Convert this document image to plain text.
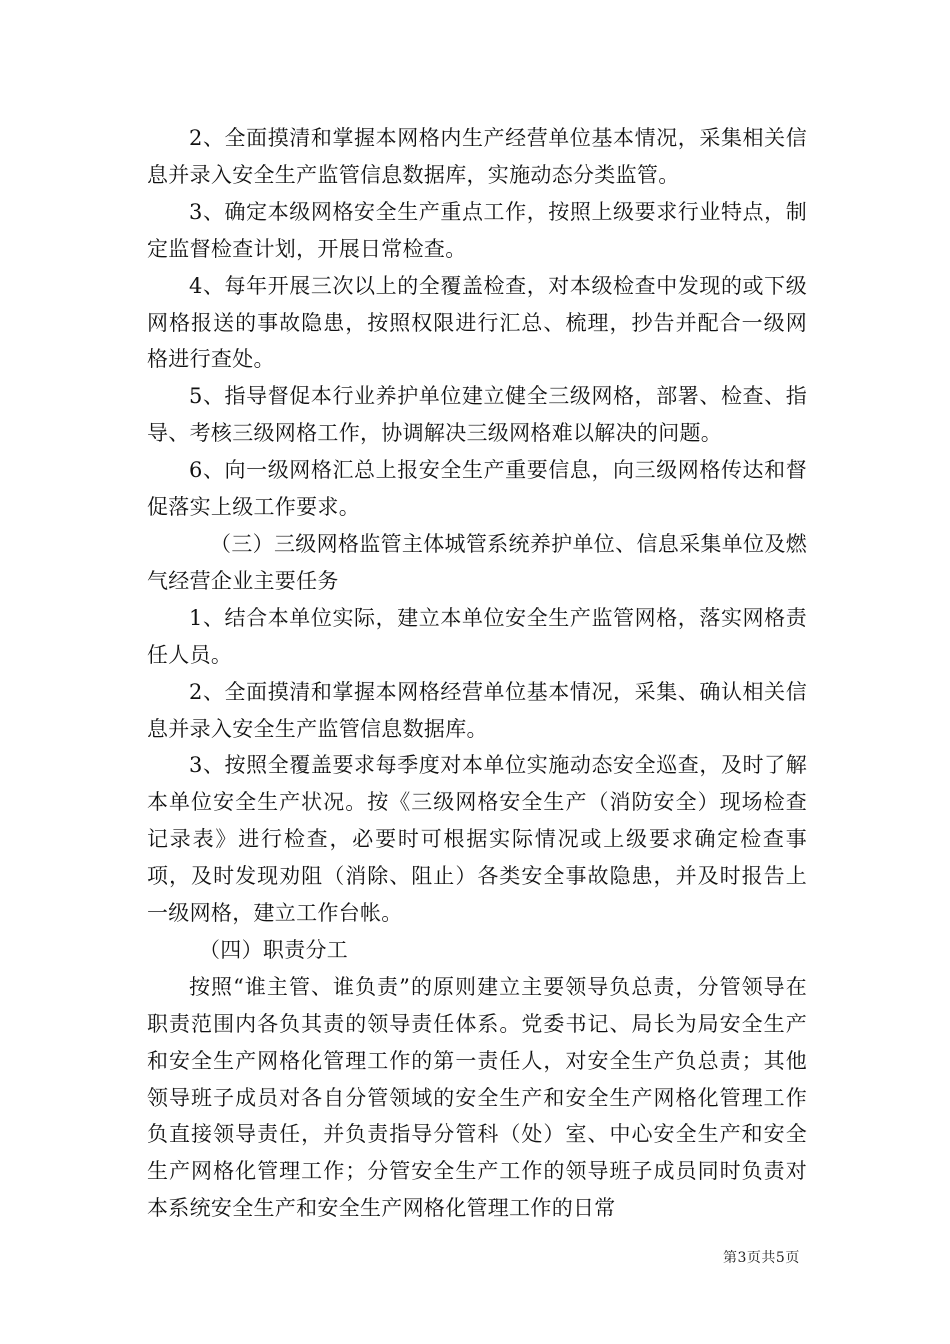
2、全面摸清和掌握本网格内生产经营单位基本情况，采集相关信息并录入安全生产监管信息数据库，实施动态分类监管。

3、确定本级网格安全生产重点工作，按照上级要求行业特点，制定监督检查计划，开展日常检查。

4、每年开展三次以上的全覆盖检查，对本级检查中发现的或下级网格报送的事故隐患，按照权限进行汇总、梳理，抄告并配合一级网格进行查处。

5、指导督促本行业养护单位建立健全三级网格，部署、检查、指导、考核三级网格工作，协调解决三级网格难以解决的问题。

6、向一级网格汇总上报安全生产重要信息，向三级网格传达和督促落实上级工作要求。

（三）三级网格监管主体城管系统养护单位、信息采集单位及燃气经营企业主要任务

1、结合本单位实际，建立本单位安全生产监管网格，落实网格责任人员。

2、全面摸清和掌握本网格经营单位基本情况，采集、确认相关信息并录入安全生产监管信息数据库。

3、按照全覆盖要求每季度对本单位实施动态安全巡查，及时了解本单位安全生产状况。按《三级网格安全生产（消防安全）现场检查记录表》进行检查，必要时可根据实际情况或上级要求确定检查事项，及时发现劝阻（消除、阻止）各类安全事故隐患，并及时报告上一级网格，建立工作台帐。

（四）职责分工

按照“谁主管、谁负责”的原则建立主要领导负总责，分管领导在职责范围内各负其责的领导责任体系。党委书记、局长为局安全生产和安全生产网格化管理工作的第一责任人，对安全生产负总责；其他领导班子成员对各自分管领域的安全生产和安全生产网格化管理工作负直接领导责任，并负责指导分管科（处）室、中心安全生产和安全生产网格化管理工作；分管安全生产工作的领导班子成员同时负责对本系统安全生产和安全生产网格化管理工作的日常

第3页共5页
